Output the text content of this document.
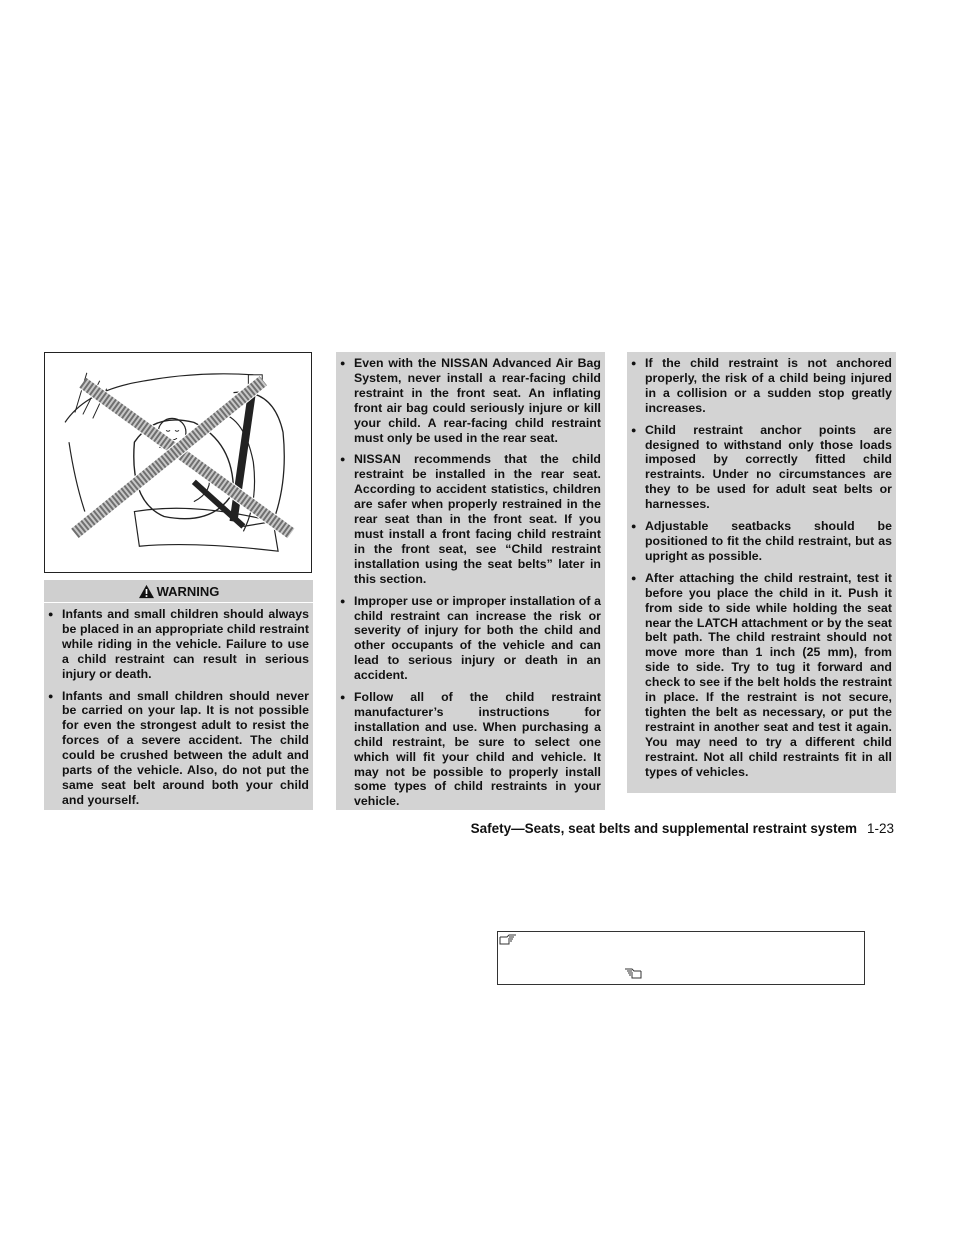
WARNING
● Infants and small children should always be placed in an appropriate child restraint while riding in the vehicle. Failure to use a child restraint can result in serious injury or death.
● Infants and small children should never be carried on your lap. It is not possible for even the strongest adult to resist the forces of a severe accident. The child could be crushed between the adult and parts of the vehicle. Also, do not put the same seat belt around both your child and yourself.
● Even with the NISSAN Advanced Air Bag System, never install a rear-facing child restraint in the front seat. An inflating front air bag could seriously injure or kill your child. A rear-facing child restraint must only be used in the rear seat.
● NISSAN recommends that the child restraint be installed in the rear seat. According to accident statistics, children are safer when properly restrained in the rear seat than in the front seat. If you must install a front facing child restraint in the front seat, see “Child restraint installation using the seat belts” later in this section.
● Improper use or improper installation of a child restraint can increase the risk or severity of injury for both the child and other occupants of the vehicle and can lead to serious injury or death in an accident.
● Follow all of the child restraint manufacturer’s instructions for installation and use. When purchasing a child restraint, be sure to select one which will fit your child and vehicle. It may not be possible to properly install some types of child restraints in your vehicle.
● If the child restraint is not anchored properly, the risk of a child being injured in a collision or a sudden stop greatly increases.
● Child restraint anchor points are designed to withstand only those loads imposed by correctly fitted child restraints. Under no circumstances are they to be used for adult seat belts or harnesses.
● Adjustable seatbacks should be positioned to fit the child restraint, but as upright as possible.
● After attaching the child restraint, test it before you place the child in it. Push it from side to side while holding the seat near the LATCH attachment or by the seat belt path. The child restraint should not move more than 1 inch (25 mm), from side to side. Try to tug it forward and check to see if the belt holds the restraint in place. If the restraint is not secure, tighten the belt as necessary, or put the restraint in another seat and test it again. You may need to try a different child restraint. Not all child restraints fit in all types of vehicles.
Safety—Seats, seat belts and supplemental restraint system 1-23
